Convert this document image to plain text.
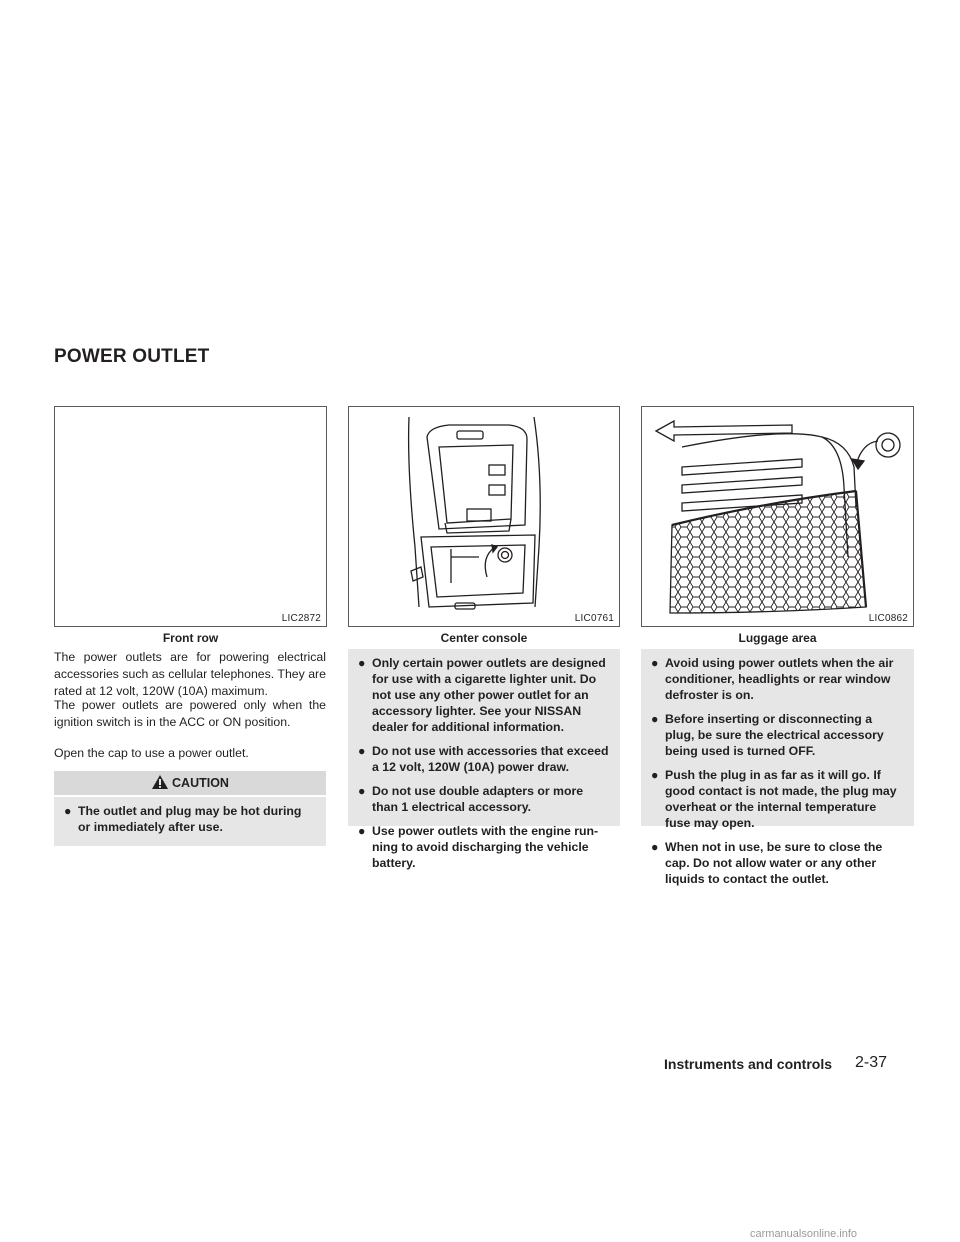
POWER OUTLET
LIC2872
Front row
LIC0761
Center console
LIC0862
Luggage area

The power outlets are for powering electrical accessories such as cellular telephones. They are rated at 12 volt, 120W (10A) maximum.

The power outlets are powered only when the ignition switch is in the ACC or ON position.

Open the cap to use a power outlet.

CAUTION
● The outlet and plug may be hot during or immediately after use.
● Only certain power outlets are designed for use with a cigarette lighter unit. Do not use any other power outlet for an accessory lighter. See your NISSAN dealer for additional information.
● Do not use with accessories that exceed a 12 volt, 120W (10A) power draw.
● Do not use double adapters or more than 1 electrical accessory.
● Use power outlets with the engine run-ning to avoid discharging the vehicle battery.
● Avoid using power outlets when the air conditioner, headlights or rear window defroster is on.
● Before inserting or disconnecting a plug, be sure the electrical accessory being used is turned OFF.
● Push the plug in as far as it will go. If good contact is not made, the plug may overheat or the internal temperature fuse may open.
● When not in use, be sure to close the cap. Do not allow water or any other liquids to contact the outlet.
Instruments and controls 2-37
carmanualsonline.info
